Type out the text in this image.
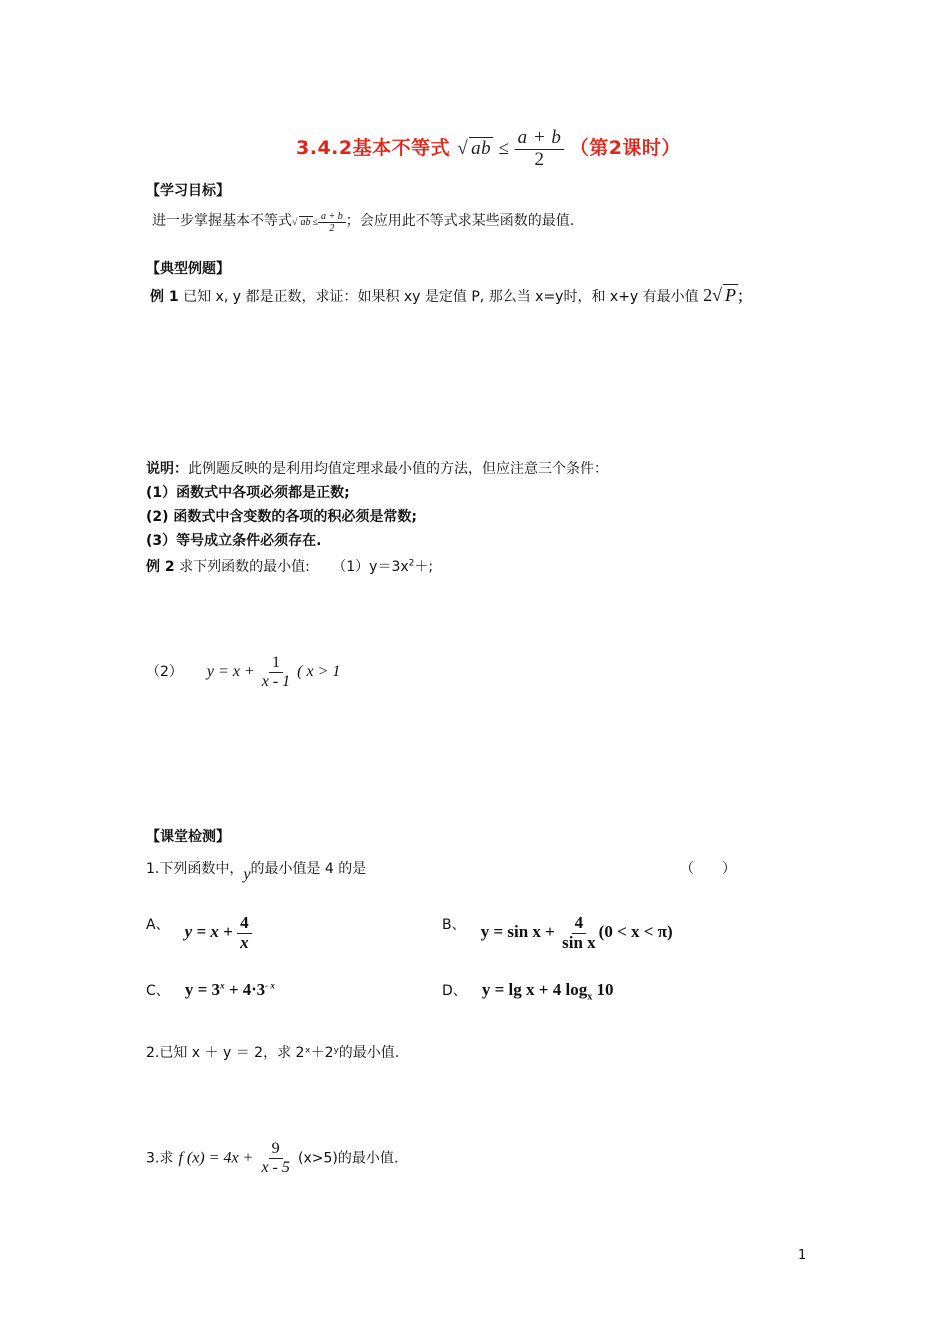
3.4.2基本不等式 √ ab ≤ $\frac{a + b}{2}$ （第2课时）
【学习目标】
进一步掌握基本不等式√ ab ≤ $\frac{a + b}{2}$ ；会应用此不等式求某些函数的最值.
【典型例题】
例 1 已知 x, y 都是正数，求证：如果积 xy 是定值 P, 那么当 x=y时，和 x+y 有最小值 2√ P ;
说明：此例题反映的是利用均值定理求最小值的方法，但应注意三个条件：
(1）函数式中各项必须都是正数;
(2) 函数式中含变数的各项的积必须是常数;
(3）等号成立条件必须存在.
例 2 求下列函数的最小值: $(1)y=3x^2+$;
（2） $y = x + \frac{1}{x - 1}$ ( x > 1
【课堂检测】
1.下列函数中，y的最小值是 4 的是	（　　）
A、 $y = x + \frac{4}{x}$	B、 $y = \sin x + \frac{4}{\text{sin x}} (0 < x < \pi)$
C、 $y = 3^x + 4\cdot 3^{- x}$	D、 y = lg x + 4 $\log_x 10$
2.已知 x ＋ y ＝ 2，求 2ˣ＋2ʸ的最小值.
3.求 f $(x) = 4x + \frac{9}{x - 5} (x>5)$的最小值.
1
